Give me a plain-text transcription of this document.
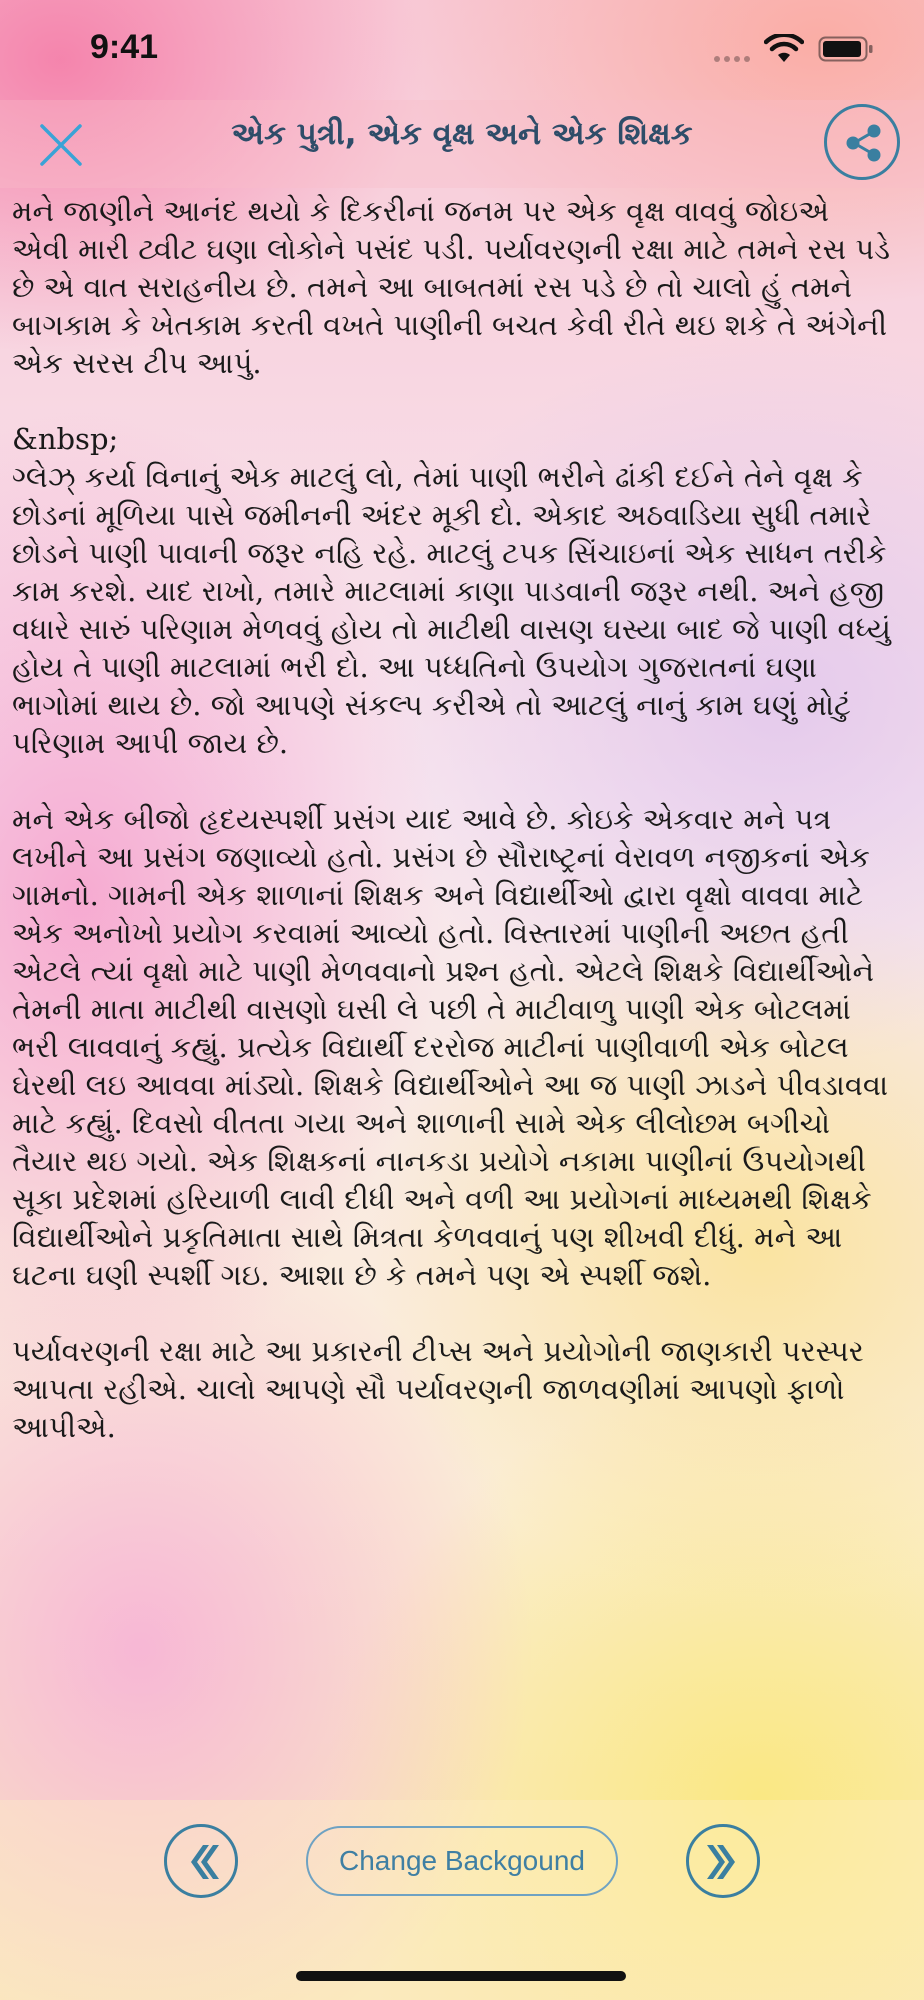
9:41
એક પુત્રી, એક વૃક્ષ અને એક શિક્ષક

મને જાણીને આનંદ થયો કે દિકરીનાં જનમ પર એક વૃક્ષ વાવવું જોઇએ એવી મારી ટ્વીટ ઘણા લોકોને પસંદ પડી. પર્યાવરણની રક્ષા માટે તમને રસ પડે છે એ વાત સરાહનીય છે. તમને આ બાબતમાં રસ પડે છે તો ચાલો હું તમને બાગકામ કે ખેતકામ કરતી વખતે પાણીની બચત કેવી રીતે થઇ શકે તે અંગેની એક સરસ ટીપ આપું.

&nbsp;

ગ્લેઝ્ કર્યા વિનાનું એક માટલું લો, તેમાં પાણી ભરીને ઢાંકી દઈને તેને વૃક્ષ કે છોડનાં મૂળિયા પાસે જમીનની અંદર મૂકી દો. એકાદ અઠવાડિયા સુધી તમારે છોડને પાણી પાવાની જરૂર નહિ રહે. માટલું ટપક સિંચાઇનાં એક સાધન તરીકે કામ કરશે. યાદ રાખો, તમારે માટલામાં કાણા પાડવાની જરૂર નથી. અને હજી વધારે સારું પરિણામ મેળવવું હોય તો માટીથી વાસણ ઘસ્યા બાદ જે પાણી વધ્યું હોય તે પાણી માટલામાં ભરી દો. આ પધ્ધતિનો ઉપયોગ ગુજરાતનાં ઘણા ભાગોમાં થાય છે. જો આપણે સંકલ્પ કરીએ તો આટલું નાનું કામ ઘણું મોટું પરિણામ આપી જાય છે.

મને એક બીજો હૃદયસ્પર્શી પ્રસંગ યાદ આવે છે. કોઇકે એકવાર મને પત્ર લખીને આ પ્રસંગ જણાવ્યો હતો. પ્રસંગ છે સૌરાષ્ટ્રનાં વેરાવળ નજીકનાં એક ગામનો. ગામની એક શાળાનાં શિક્ષક અને વિદ્યાર્થીઓ દ્વારા વૃક્ષો વાવવા માટે એક અનોખો પ્રયોગ કરવામાં આવ્યો હતો. વિસ્તારમાં પાણીની અછત હતી એટલે ત્યાં વૃક્ષો માટે પાણી મેળવવાનો પ્રશ્ન હતો. એટલે શિક્ષકે વિદ્યાર્થીઓને તેમની માતા માટીથી વાસણો ઘસી લે પછી તે માટીવાળુ પાણી એક બોટલમાં ભરી લાવવાનું કહ્યું. પ્રત્યેક વિદ્યાર્થી દરરોજ માટીનાં પાણીવાળી એક બોટલ ઘેરથી લઇ આવવા માંડ્યો. શિક્ષકે વિદ્યાર્થીઓને આ જ પાણી ઝાડને પીવડાવવા માટે કહ્યું. દિવસો વીતતા ગયા અને શાળાની સામે એક લીલોછમ બગીચો તૈયાર થઇ ગયો. એક શિક્ષકનાં નાનકડા પ્રયોગે નકામા પાણીનાં ઉપયોગથી સૂકા પ્રદેશમાં હરિયાળી લાવી દીધી અને વળી આ પ્રયોગનાં માધ્યમથી શિક્ષકે વિદ્યાર્થીઓને પ્રકૃતિમાતા સાથે મિત્રતા કેળવવાનું પણ શીખવી દીધું. મને આ ઘટના ઘણી સ્પર્શી ગઇ. આશા છે કે તમને પણ એ સ્પર્શી જશે.

પર્યાવરણની રક્ષા માટે આ પ્રકારની ટીપ્સ અને પ્રયોગોની જાણકારી પરસ્પર આપતા રહીએ. ચાલો આપણે સૌ પર્યાવરણની જાળવણીમાં આપણો ફાળો આપીએ.

Change Backgound
